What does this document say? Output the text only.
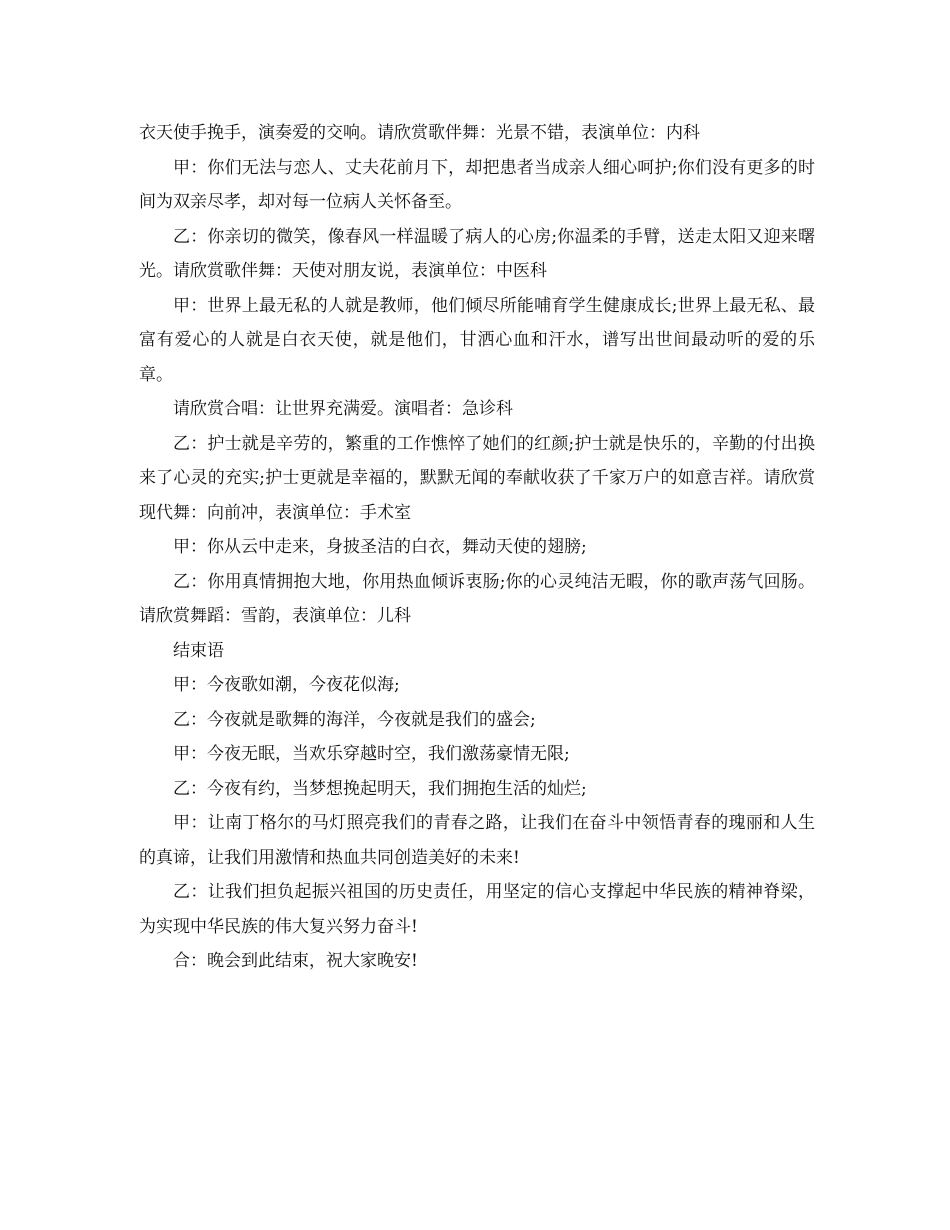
衣天使手挽手，演奏爱的交响。请欣赏歌伴舞：光景不错，表演单位：内科

甲：你们无法与恋人、丈夫花前月下，却把患者当成亲人细心呵护;你们没有更多的时间为双亲尽孝，却对每一位病人关怀备至。

乙：你亲切的微笑，像春风一样温暖了病人的心房;你温柔的手臂，送走太阳又迎来曙光。请欣赏歌伴舞：天使对朋友说，表演单位：中医科

甲：世界上最无私的人就是教师，他们倾尽所能哺育学生健康成长;世界上最无私、最富有爱心的人就是白衣天使，就是他们，甘洒心血和汗水，谱写出世间最动听的爱的乐章。

请欣赏合唱：让世界充满爱。演唱者：急诊科

乙：护士就是辛劳的，繁重的工作憔悴了她们的红颜;护士就是快乐的，辛勤的付出换来了心灵的充实;护士更就是幸福的，默默无闻的奉献收获了千家万户的如意吉祥。请欣赏现代舞：向前冲，表演单位：手术室

甲：你从云中走来，身披圣洁的白衣，舞动天使的翅膀;

乙：你用真情拥抱大地，你用热血倾诉衷肠;你的心灵纯洁无暇，你的歌声荡气回肠。请欣赏舞蹈：雪韵，表演单位：儿科

结束语

甲：今夜歌如潮，今夜花似海;

乙：今夜就是歌舞的海洋，今夜就是我们的盛会;

甲：今夜无眠，当欢乐穿越时空，我们激荡豪情无限;

乙：今夜有约，当梦想挽起明天，我们拥抱生活的灿烂;

甲：让南丁格尔的马灯照亮我们的青春之路，让我们在奋斗中领悟青春的瑰丽和人生的真谛，让我们用激情和热血共同创造美好的未来!

乙：让我们担负起振兴祖国的历史责任，用坚定的信心支撑起中华民族的精神脊梁，为实现中华民族的伟大复兴努力奋斗!

合：晚会到此结束，祝大家晚安!
